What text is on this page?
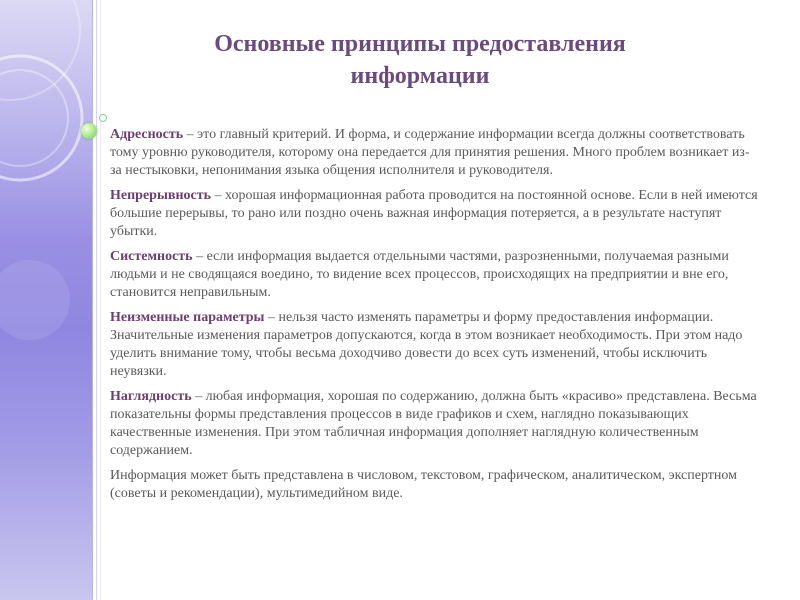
Основные принципы предоставления информации

Адресность – это главный критерий. И форма, и содержание информации всегда должны соответствовать тому уровню руководителя, которому она передается для принятия решения. Много проблем возникает из-за нестыковки, непонимания языка общения исполнителя и руководителя.

Непрерывность – хорошая информационная работа проводится на постоянной основе. Если в ней имеются большие перерывы, то рано или поздно очень важная информация потеряется, а в результате наступят убытки.

Системность – если информация выдается отдельными частями, разрозненными, получаемая разными людьми и не сводящаяся воедино, то видение всех процессов, происходящих на предприятии и вне его, становится неправильным.

Неизменные параметры – нельзя часто изменять параметры и форму предоставления информации. Значительные изменения параметров допускаются, когда в этом возникает необходимость. При этом надо уделить внимание тому, чтобы весьма доходчиво довести до всех суть изменений, чтобы исключить неувязки.

Наглядность – любая информация, хорошая по содержанию, должна быть «красиво» представлена. Весьма показательны формы представления процессов в виде графиков и схем, наглядно показывающих качественные изменения. При этом табличная информация дополняет наглядную количественным содержанием.

Информация может быть представлена в числовом, текстовом, графическом, аналитическом, экспертном (советы и рекомендации), мультимедийном виде.
